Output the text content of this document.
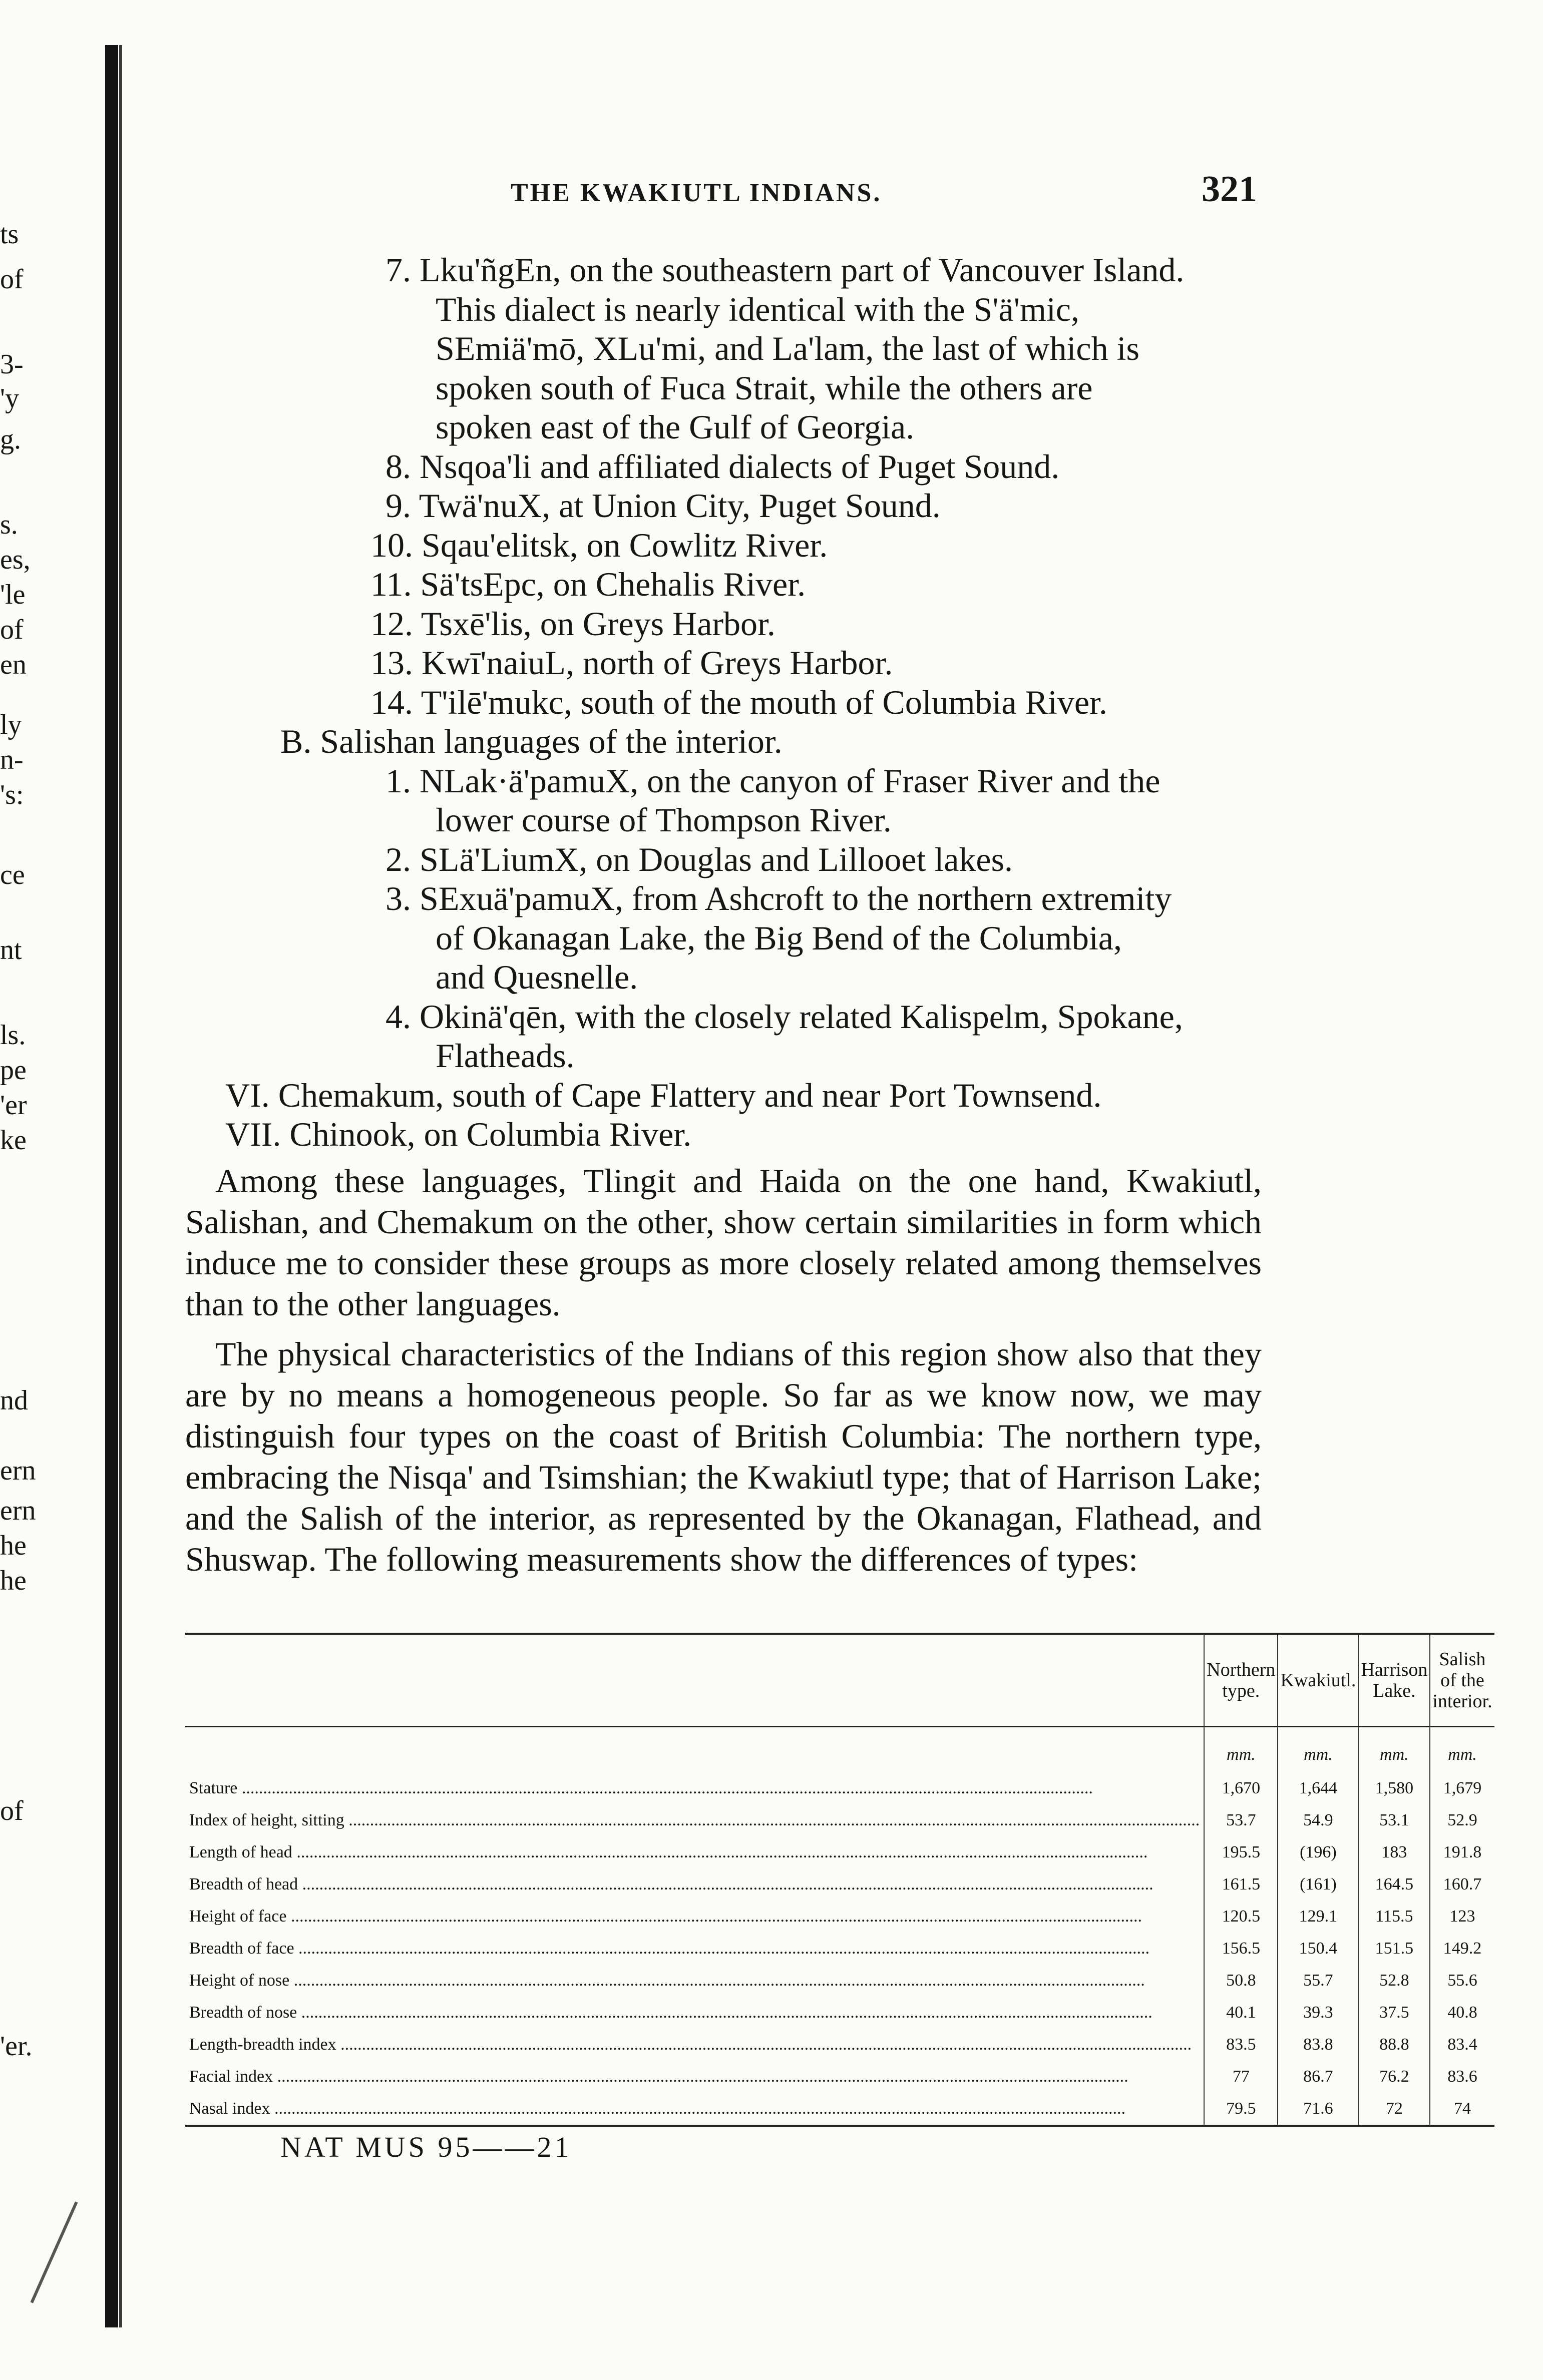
ts
of
3-
'y
g.
s.
es,
'le
of
en
ly
n-
's:
ce
nt
ls.
pe
'er
ke
nd
ern
ern
he
he
of
'er.
THE KWAKIUTL INDIANS.	321
7. Lku'ñgEn, on the southeastern part of Vancouver Island.
This dialect is nearly identical with the S'ä'mic,
SEmiä'mō, XLu'mi, and La'lam, the last of which is
spoken south of Fuca Strait, while the others are
spoken east of the Gulf of Georgia.
8. Nsqoa'li and affiliated dialects of Puget Sound.
9. Twä'nuX, at Union City, Puget Sound.
10. Sqau'elitsk, on Cowlitz River.
11. Sä'tsEpc, on Chehalis River.
12. Tsxē'lis, on Greys Harbor.
13. Kwī'naiuL, north of Greys Harbor.
14. T'ilē'mukc, south of the mouth of Columbia River.
B. Salishan languages of the interior.
1. NLak·ä'pamuX, on the canyon of Fraser River and the
lower course of Thompson River.
2. SLä'LiumX, on Douglas and Lillooet lakes.
3. SExuä'pamuX, from Ashcroft to the northern extremity
of Okanagan Lake, the Big Bend of the Columbia,
and Quesnelle.
4. Okinä'qēn, with the closely related Kalispelm, Spokane,
Flatheads.
VI. Chemakum, south of Cape Flattery and near Port Townsend.
VII. Chinook, on Columbia River.

Among these languages, Tlingit and Haida on the one hand, Kwakiutl, Salishan, and Chemakum on the other, show certain similarities in form which induce me to consider these groups as more closely related among themselves than to the other languages.

The physical characteristics of the Indians of this region show also that they are by no means a homogeneous people. So far as we know now, we may distinguish four types on the coast of British Columbia: The northern type, embracing the Nisqa' and Tsimshian; the Kwakiutl type; that of Harrison Lake; and the Salish of the interior, as represented by the Okanagan, Flathead, and Shuswap. The following measurements show the differences of types:

	Northern type.	Kwakiutl.	Harrison Lake.	Salish of the interior.
	mm.	mm.	mm.	mm.
Stature ........................................................................................................................................................................................................	1,670	1,644	1,580	1,679
Index of height, sitting ........................................................................................................................................................................................................	53.7	54.9	53.1	52.9
Length of head ........................................................................................................................................................................................................	195.5	(196)	183	191.8
Breadth of head ........................................................................................................................................................................................................	161.5	(161)	164.5	160.7
Height of face ........................................................................................................................................................................................................	120.5	129.1	115.5	123
Breadth of face ........................................................................................................................................................................................................	156.5	150.4	151.5	149.2
Height of nose ........................................................................................................................................................................................................	50.8	55.7	52.8	55.6
Breadth of nose ........................................................................................................................................................................................................	40.1	39.3	37.5	40.8
Length-breadth index ........................................................................................................................................................................................................	83.5	83.8	88.8	83.4
Facial index ........................................................................................................................................................................................................	77	86.7	76.2	83.6
Nasal index ........................................................................................................................................................................................................	79.5	71.6	72	74
NAT MUS 95——21
